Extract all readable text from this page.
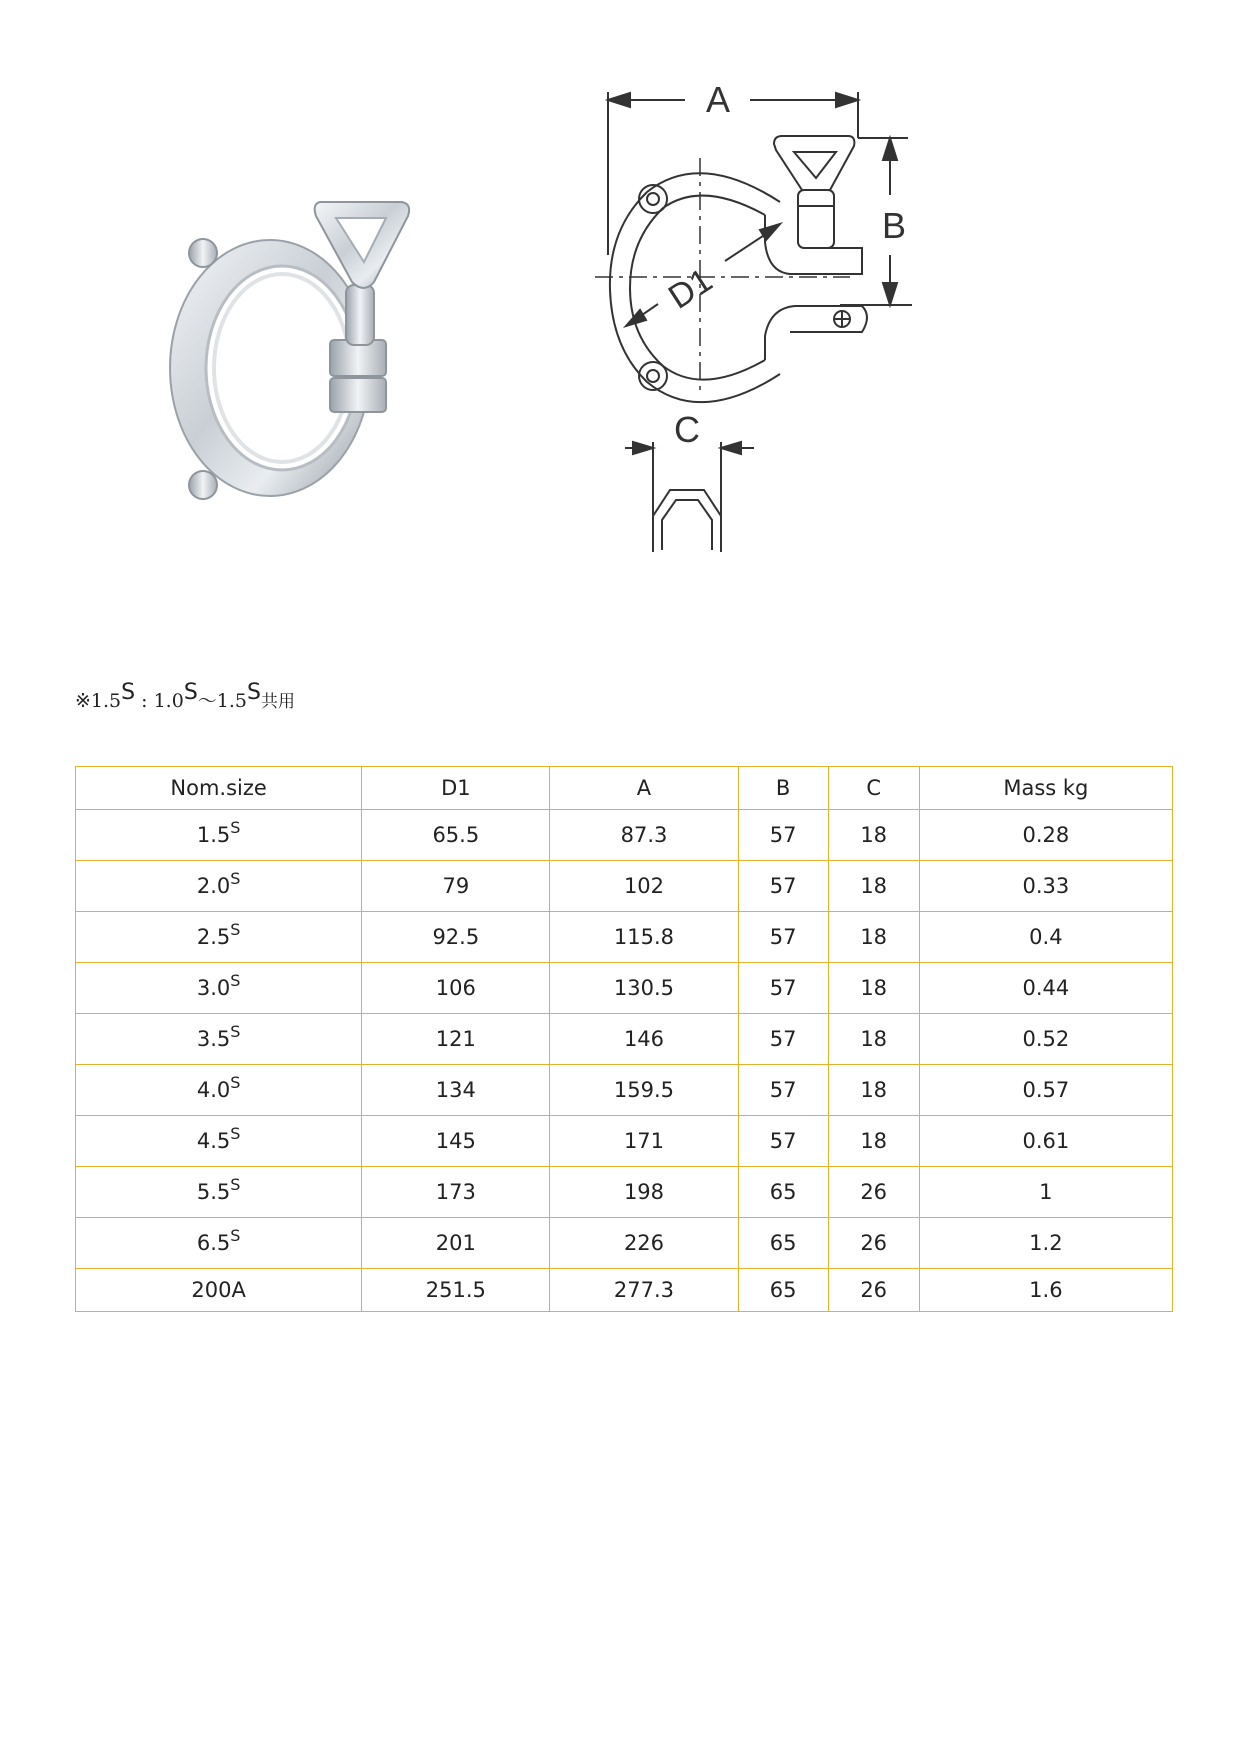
A
B
C
D1
$※1.5^S$ : $1.0^S\sim 1.5^S$共用
Nom.size	D1	A	B	C	Mass kg
$1.5^S$	65.5	87.3	57	18	0.28
$2.0^S$	79	102	57	18	0.33
$2.5^S$	92.5	115.8	57	18	0.4
$3.0^S$	106	130.5	57	18	0.44
$3.5^S$	121	146	57	18	0.52
$4.0^S$	134	159.5	57	18	0.57
$4.5^S$	145	171	57	18	0.61
$5.5^S$	173	198	65	26	1
$6.5^S$	201	226	65	26	1.2
200A	251.5	277.3	65	26	1.6
